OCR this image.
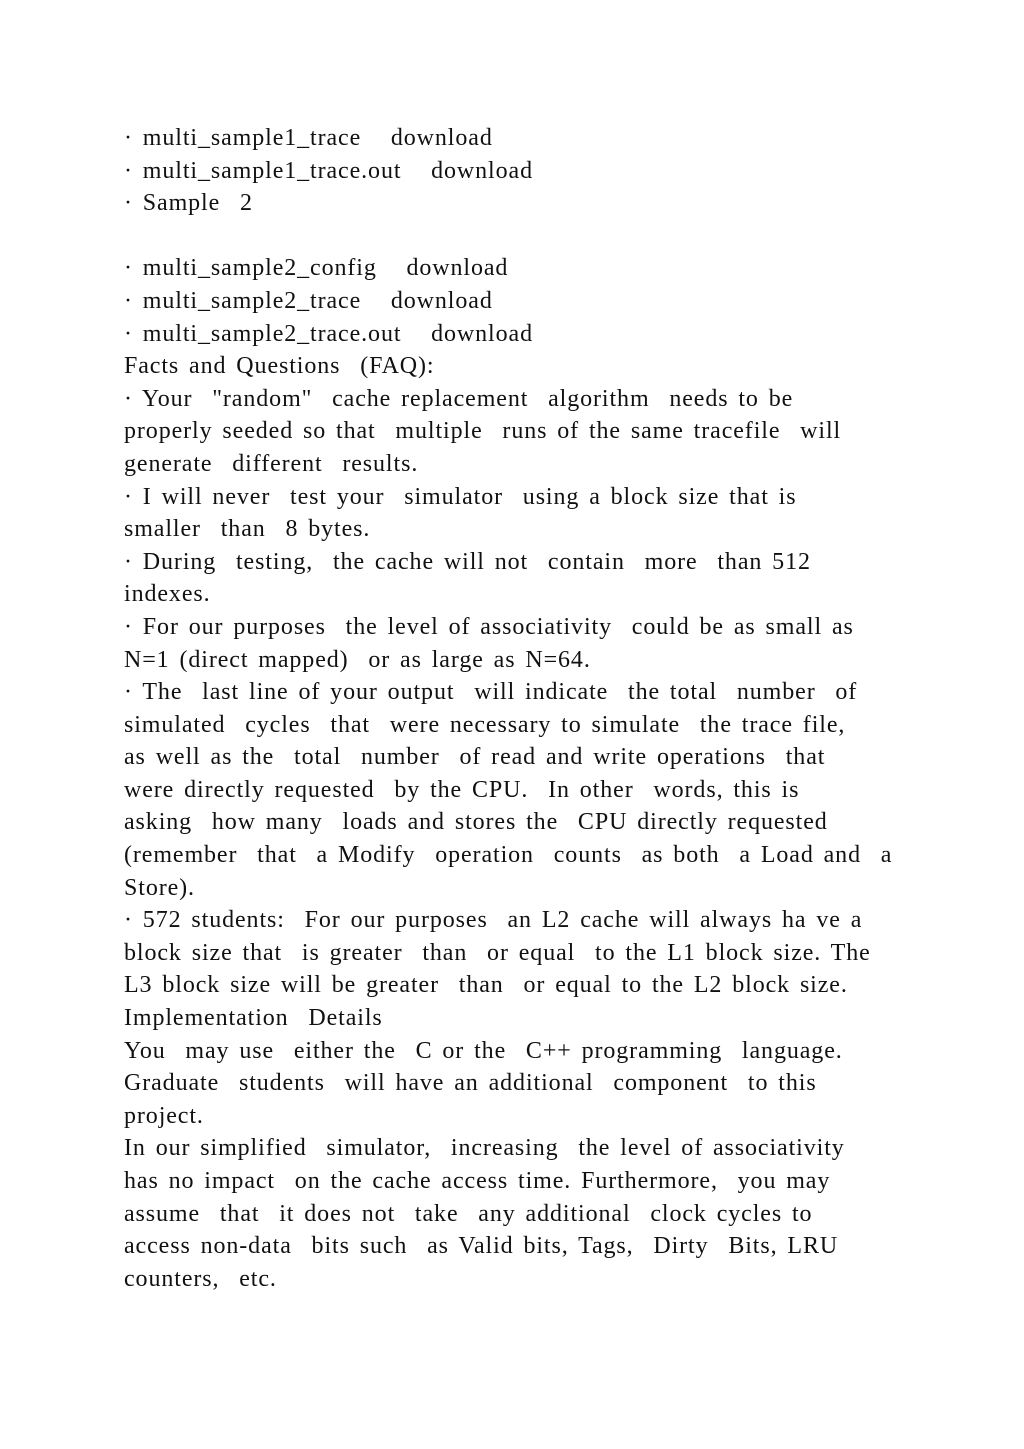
· multi_sample1_trace   download
· multi_sample1_trace.out   download
· Sample  2
· multi_sample2_config   download
· multi_sample2_trace   download
· multi_sample2_trace.out   download
Facts and Questions  (FAQ):
· Your  "random"  cache replacement  algorithm  needs to be
properly seeded so that  multiple  runs of the same tracefile  will
generate  different  results.
· I will never  test your  simulator  using a block size that is
smaller  than  8 bytes.
· During  testing,  the cache will not  contain  more  than 512
indexes.
· For our purposes  the level of associativity  could be as small as
N=1 (direct mapped)  or as large as N=64.
· The  last line of your output  will indicate  the total  number  of
simulated  cycles  that  were necessary to simulate  the trace file,
as well as the  total  number  of read and write operations  that
were directly requested  by the CPU.  In other  words, this is
asking  how many  loads and stores the  CPU directly requested
(remember  that  a Modify  operation  counts  as both  a Load and  a
Store).
· 572 students:  For our purposes  an L2 cache will always ha ve a
block size that  is greater  than  or equal  to the L1 block size. The
L3 block size will be greater  than  or equal to the L2 block size.
Implementation  Details
You  may use  either the  C or the  C++ programming  language.
Graduate  students  will have an additional  component  to this
project.
In our simplified  simulator,  increasing  the level of associativity
has no impact  on the cache access time. Furthermore,  you may
assume  that  it does not  take  any additional  clock cycles to
access non-data  bits such  as Valid bits, Tags,  Dirty  Bits, LRU
counters,  etc.
